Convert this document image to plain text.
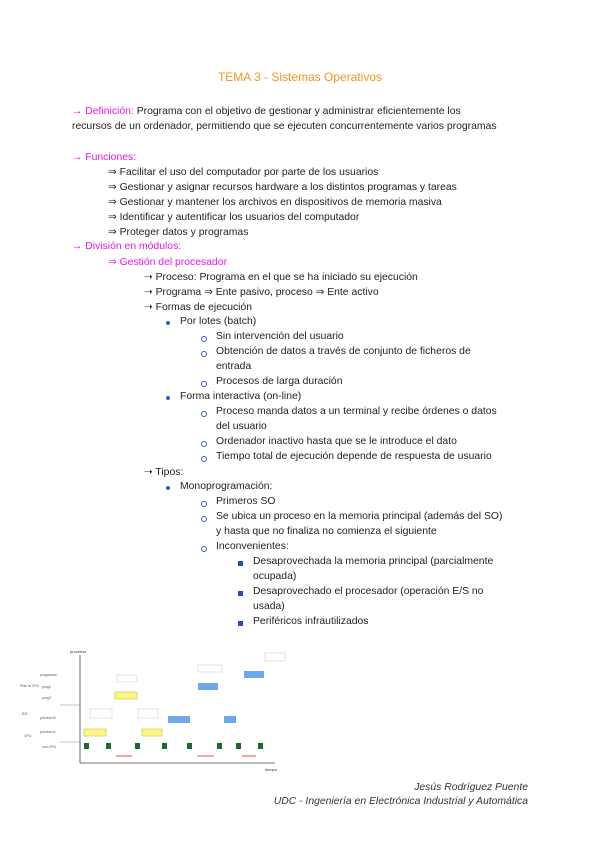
TEMA 3 - Sistemas Operativos
→ Definición: Programa con el objetivo de gestionar y administrar eficientemente los
recursos de un ordenador, permitiendo que se ejecuten concurrentemente varios programas
→ Funciones:
⇒ Facilitar el uso del computador por parte de los usuarios
⇒ Gestionar y asignar recursos hardware a los distintos programas y tareas
⇒ Gestionar y mantener los archivos en dispositivos de memoria masiva
⇒ Identificar y autentificar los usuarios del computador
⇒ Proteger datos y programas
→ División en módulos:
⇒ Gestión del procesador
➝ Proceso: Programa en el que se ha iniciado su ejecución
➝ Programa ⇒ Ente pasivo, proceso ⇒ Ente activo
➝ Formas de ejecución
Por lotes (batch)
Sin intervención del usuario
Obtención de datos a través de conjunto de ficheros de
entrada
Procesos de larga duración
Forma interactiva (on-line)
Proceso manda datos a un terminal y recibe órdenes o datos
del usuario
Ordenador inactivo hasta que se le introduce el dato
Tiempo total de ejecución depende de respuesta de usuario
➝ Tipos:
Monoprogramación:
Primeros SO
Se ubica un proceso en la memoria principal (además del SO)
y hasta que no finaliza no comienza el siguiente
Inconvenientes:
Desaprovechada la memoria principal (parcialmente
ocupada)
Desaprovechado el procesador (operación E/S no
usada)
Periféricos infrautilizados
procesos
tiempo
programas
prog2
prog3
proceso B
proceso A
uso CPU
Pide la CPU
E/S
CPU
Jesús Rodríguez Puente
UDC - Ingeniería en Electrónica Industrial y Automática
